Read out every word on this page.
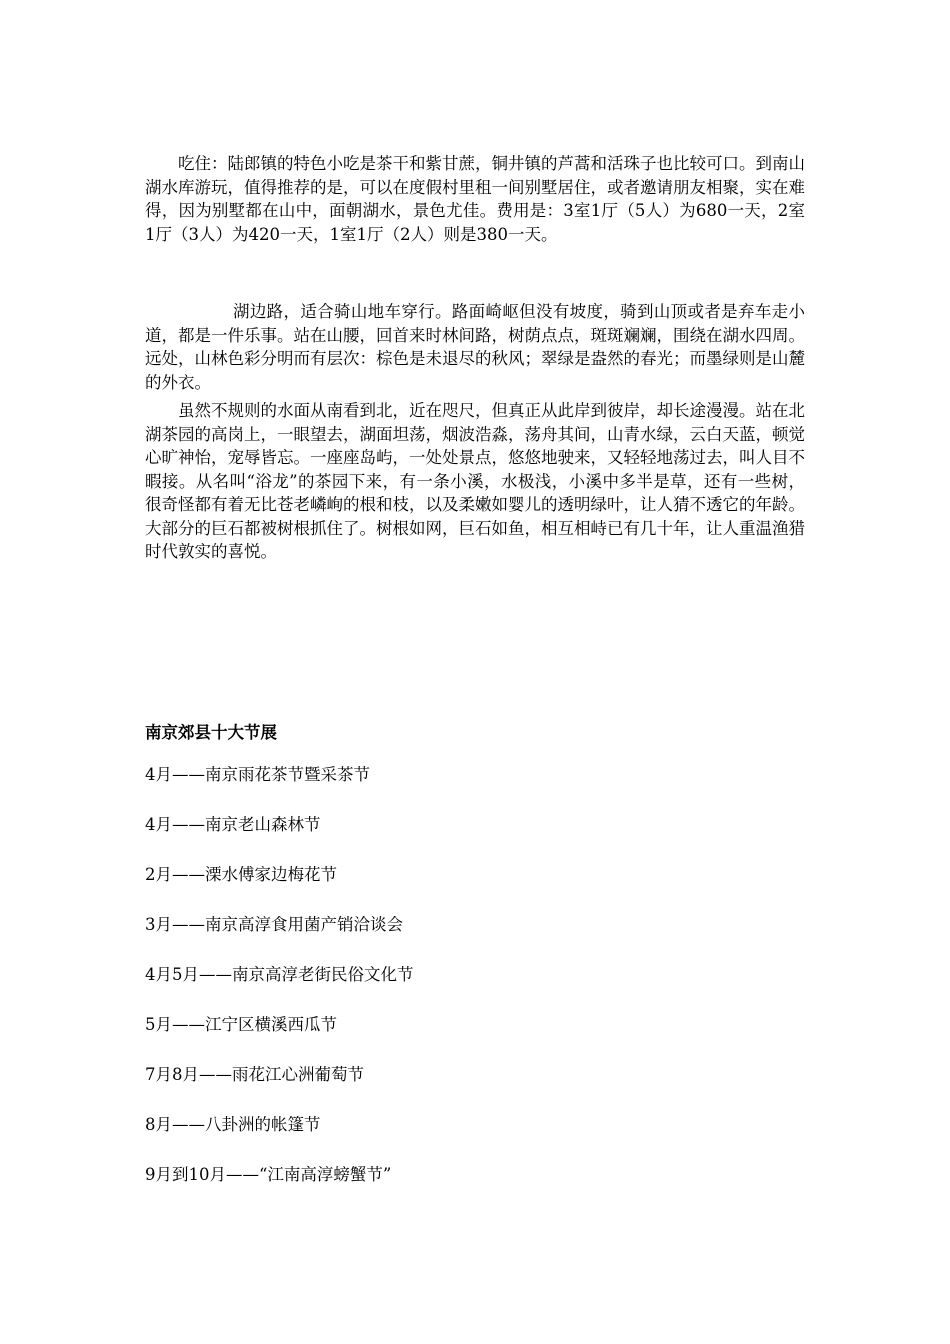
吃住：陆郎镇的特色小吃是茶干和紫甘蔗，铜井镇的芦蒿和活珠子也比较可口。到南山湖水库游玩，值得推荐的是，可以在度假村里租一间别墅居住，或者邀请朋友相聚，实在难得，因为别墅都在山中，面朝湖水，景色尤佳。费用是：3室1厅（5人）为680一天，2室1厅（3人）为420一天，1室1厅（2人）则是380一天。

湖边路，适合骑山地车穿行。路面崎岖但没有坡度，骑到山顶或者是弃车走小道，都是一件乐事。站在山腰，回首来时林间路，树荫点点，斑斑斓斓，围绕在湖水四周。远处，山林色彩分明而有层次：棕色是未退尽的秋风；翠绿是盎然的春光；而墨绿则是山麓的外衣。

虽然不规则的水面从南看到北，近在咫尺，但真正从此岸到彼岸，却长途漫漫。站在北湖茶园的高岗上，一眼望去，湖面坦荡，烟波浩淼，荡舟其间，山青水绿，云白天蓝，顿觉心旷神怡，宠辱皆忘。一座座岛屿，一处处景点，悠悠地驶来，又轻轻地荡过去，叫人目不暇接。从名叫“浴龙”的茶园下来，有一条小溪，水极浅，小溪中多半是草，还有一些树，很奇怪都有着无比苍老嶙峋的根和枝，以及柔嫩如婴儿的透明绿叶，让人猜不透它的年龄。大部分的巨石都被树根抓住了。树根如网，巨石如鱼，相互相峙已有几十年，让人重温渔猎时代敦实的喜悦。

南京郊县十大节展
4月——南京雨花茶节暨采茶节
4月——南京老山森林节
2月——溧水傅家边梅花节
3月——南京高淳食用菌产销洽谈会
4月5月——南京高淳老街民俗文化节
5月——江宁区横溪西瓜节
7月8月——雨花江心洲葡萄节
8月——八卦洲的帐篷节
9月到10月——“江南高淳螃蟹节”
